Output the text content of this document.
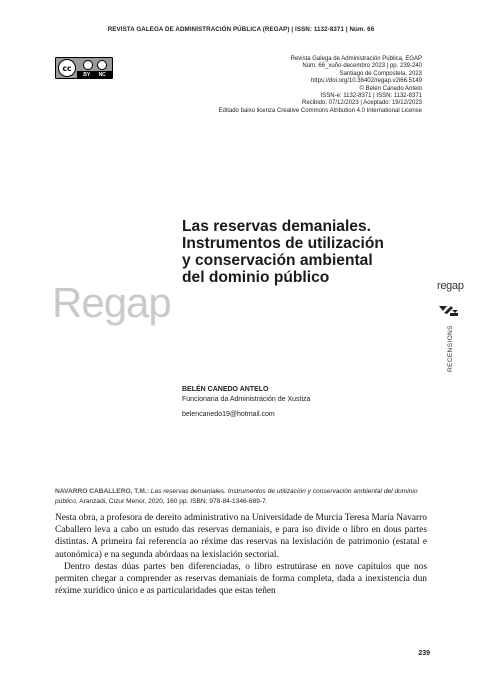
REVISTA GALEGA DE ADMINISTRACIÓN PÚBLICA (REGAP) | ISSN: 1132-8371 | Núm. 66
cc
BY NC
Revista Galega de Administración Pública, EGAP
Núm. 66_xuño-decembro 2023 | pp. 239-240
Santiago de Compostela, 2023
https://doi.org/10.36402/regap.v2i66.5149
© Belén Canedo Antelo
ISSN-e: 1132-8371 | ISSN: 1132-8371
Recibido: 07/12/2023 | Aceptado: 19/12/2023
Editado baixo licenza Creative Commons Atribution 4.0 International License
Las reservas demaniales.
Instrumentos de utilización
y conservación ambiental
del dominio público
Regap	regap
RECENSIONS
BELÉN CANEDO ANTELO
Funcionaria da Administración de Xustiza
belencanedo19@hotmail.com
NAVARRO CABALLERO, T.M.: Las reservas demaniales. Instrumentos de utilización y conservación ambiental del dominio público, Aranzadi, Cizur Menor, 2020, 160 pp. ISBN: 978-84-1346-689-7.

Nesta obra, a profesora de dereito administrativo na Universidade de Murcia Teresa María Navarro Caballero leva a cabo un estudo das reservas demaniais, e para iso divide o libro en dous partes distintas. A primeira fai referencia ao réxime das reservas na lexislación de patrimonio (estatal e autonómica) e na segunda abórdaas na lexislación sectorial.

Dentro destas dúas partes ben diferenciadas, o libro estrutúrase en nove capítulos que nos permiten chegar a comprender as reservas demaniais de forma completa, dada a inexistencia dun réxime xurídico único e as particularidades que estas teñen

239
